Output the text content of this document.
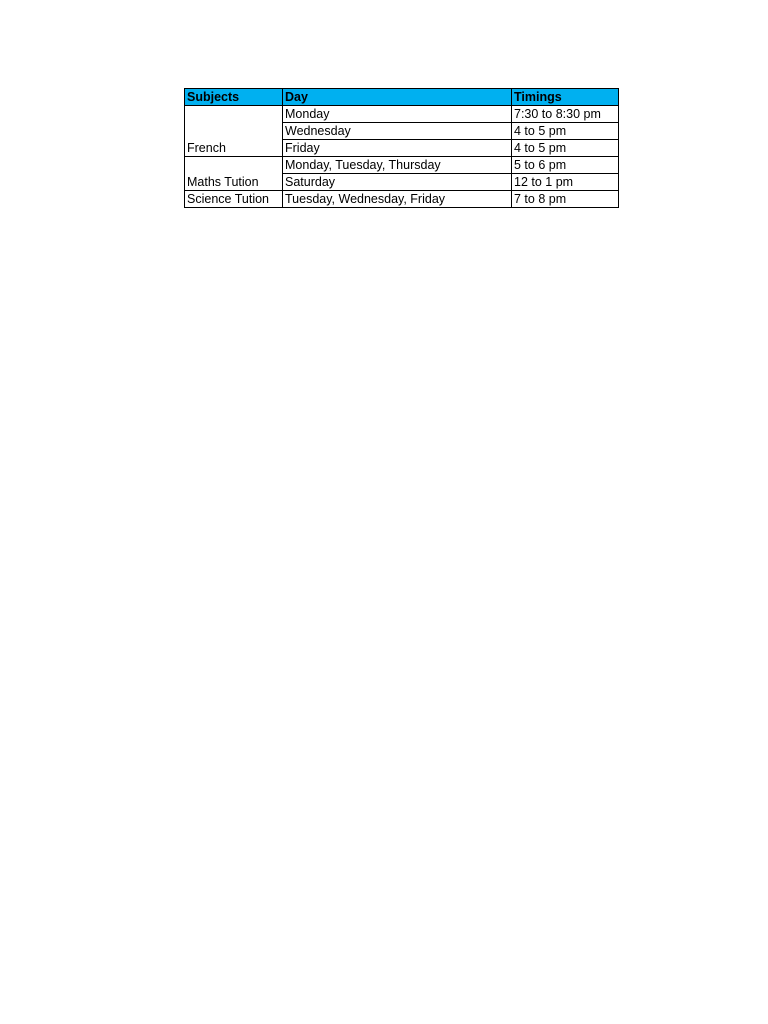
Subjects	Day	Timings
French	Monday	7:30 to 8:30 pm
	Wednesday	4 to 5 pm
	Friday	4 to 5 pm
Maths Tution	Monday, Tuesday, Thursday	5 to 6 pm
	Saturday	12 to 1 pm
Science Tution	Tuesday, Wednesday, Friday	7 to 8 pm
